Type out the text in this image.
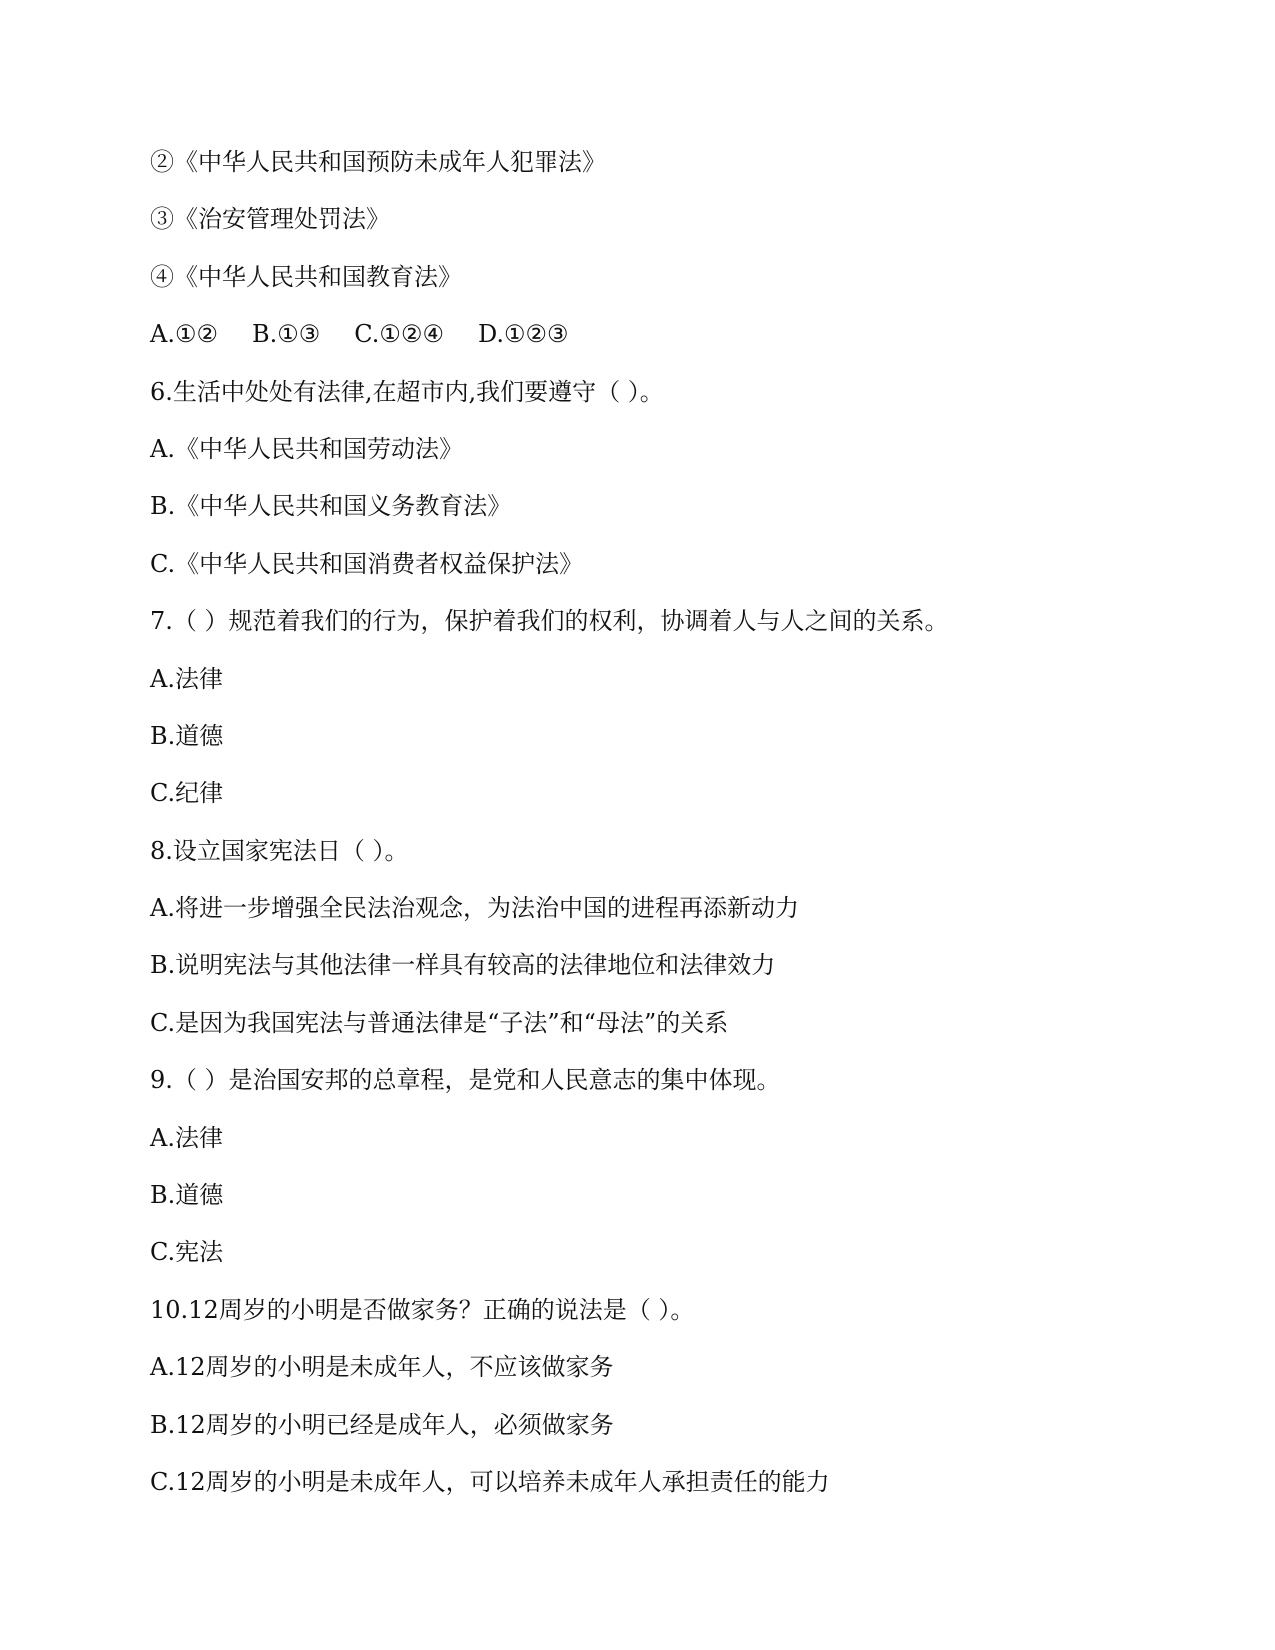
②《中华人民共和国预防未成年人犯罪法》
③《治安管理处罚法》
④《中华人民共和国教育法》
A.①② B.①③ C.①②④ D.①②③
6.生活中处处有法律,在超市内,我们要遵守（ ）。
A.《中华人民共和国劳动法》
B.《中华人民共和国义务教育法》
C.《中华人民共和国消费者权益保护法》
7.（ ）规范着我们的行为，保护着我们的权利，协调着人与人之间的关系。
A.法律
B.道德
C.纪律
8.设立国家宪法日（ ）。
A.将进一步增强全民法治观念，为法治中国的进程再添新动力
B.说明宪法与其他法律一样具有较高的法律地位和法律效力
C.是因为我国宪法与普通法律是“子法”和“母法”的关系
9.（ ）是治国安邦的总章程，是党和人民意志的集中体现。
A.法律
B.道德
C.宪法
10.12周岁的小明是否做家务？正确的说法是（ ）。
A.12周岁的小明是未成年人，不应该做家务
B.12周岁的小明已经是成年人，必须做家务
C.12周岁的小明是未成年人，可以培养未成年人承担责任的能力
